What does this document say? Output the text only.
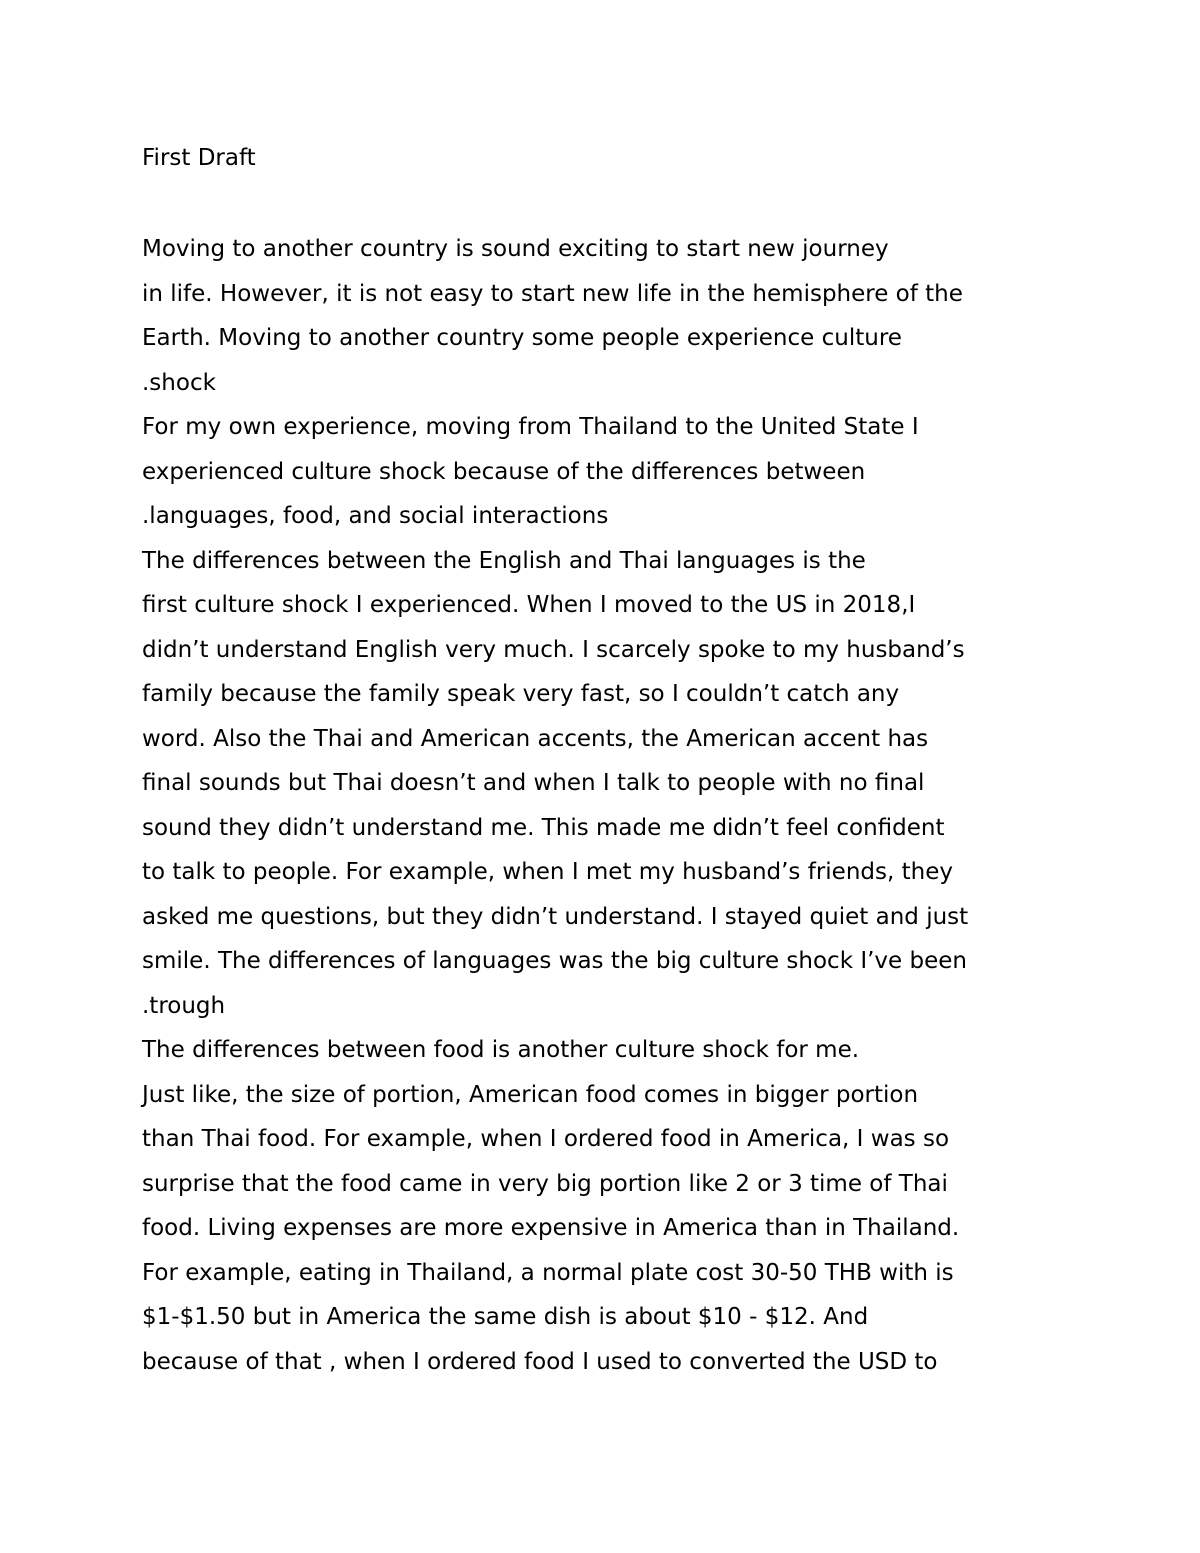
First Draft
Moving to another country is sound exciting to start new journey
in life. However, it is not easy to start new life in the hemisphere of the
Earth. Moving to another country some people experience culture
.shock
For my own experience, moving from Thailand to the United State I
experienced culture shock because of the differences between
.languages, food, and social interactions
The differences between the English and Thai languages is the
first culture shock I experienced. When I moved to the US in 2018,I
didn’t understand English very much. I scarcely spoke to my husband’s
family because the family speak very fast, so I couldn’t catch any
word. Also the Thai and American accents, the American accent has
final sounds but Thai doesn’t and when I talk to people with no final
sound they didn’t understand me. This made me didn’t feel confident
to talk to people. For example, when I met my husband’s friends, they
asked me questions, but they didn’t understand. I stayed quiet and just
smile. The differences of languages was the big culture shock I’ve been
.trough
The differences between food is another culture shock for me.
Just like, the size of portion, American food comes in bigger portion
than Thai food. For example, when I ordered food in America, I was so
surprise that the food came in very big portion like 2 or 3 time of Thai
food. Living expenses are more expensive in America than in Thailand.
For example, eating in Thailand, a normal plate cost 30-50 THB with is
$1-$1.50 but in America the same dish is about $10 - $12. And
because of that , when I ordered food I used to converted the USD to
